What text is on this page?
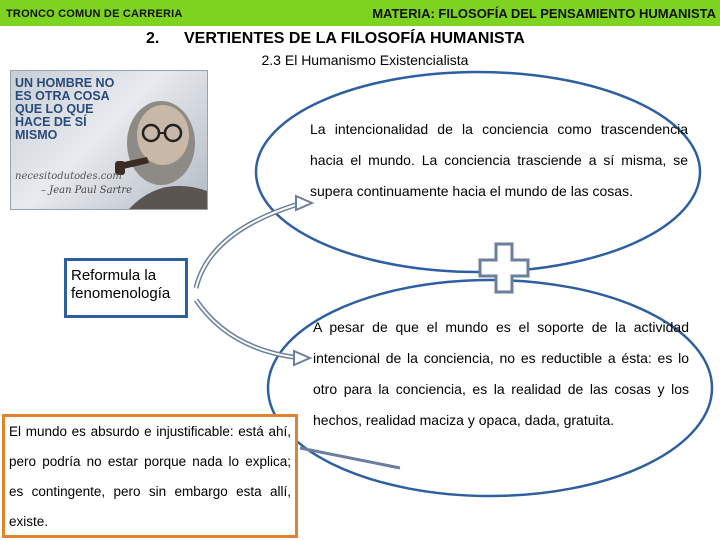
TRONCO COMUN DE CARRERIA	MATERIA: FILOSOFÍA DEL PENSAMIENTO HUMANISTA
2. VERTIENTES DE LA FILOSOFÍA HUMANISTA
2.3 El Humanismo Existencialista
UN HOMBRE NO ES OTRA COSA QUE LO QUE HACE DE SÍ MISMO
necesitodutodes.com
– Jean Paul Sartre
La intencionalidad de la conciencia como trascendencia hacia el mundo. La conciencia trasciende a sí misma, se supera continuamente hacia el mundo de las cosas.
Reformula la fenomenología
A pesar de que el mundo es el soporte de la actividad intencional de la conciencia, no es reductible a ésta: es lo otro para la conciencia, es la realidad de las cosas y los hechos, realidad maciza y opaca, dada, gratuita.
El mundo es absurdo e injustificable: está ahí, pero podría no estar porque nada lo explica; es contingente, pero sin embargo esta allí, existe.
